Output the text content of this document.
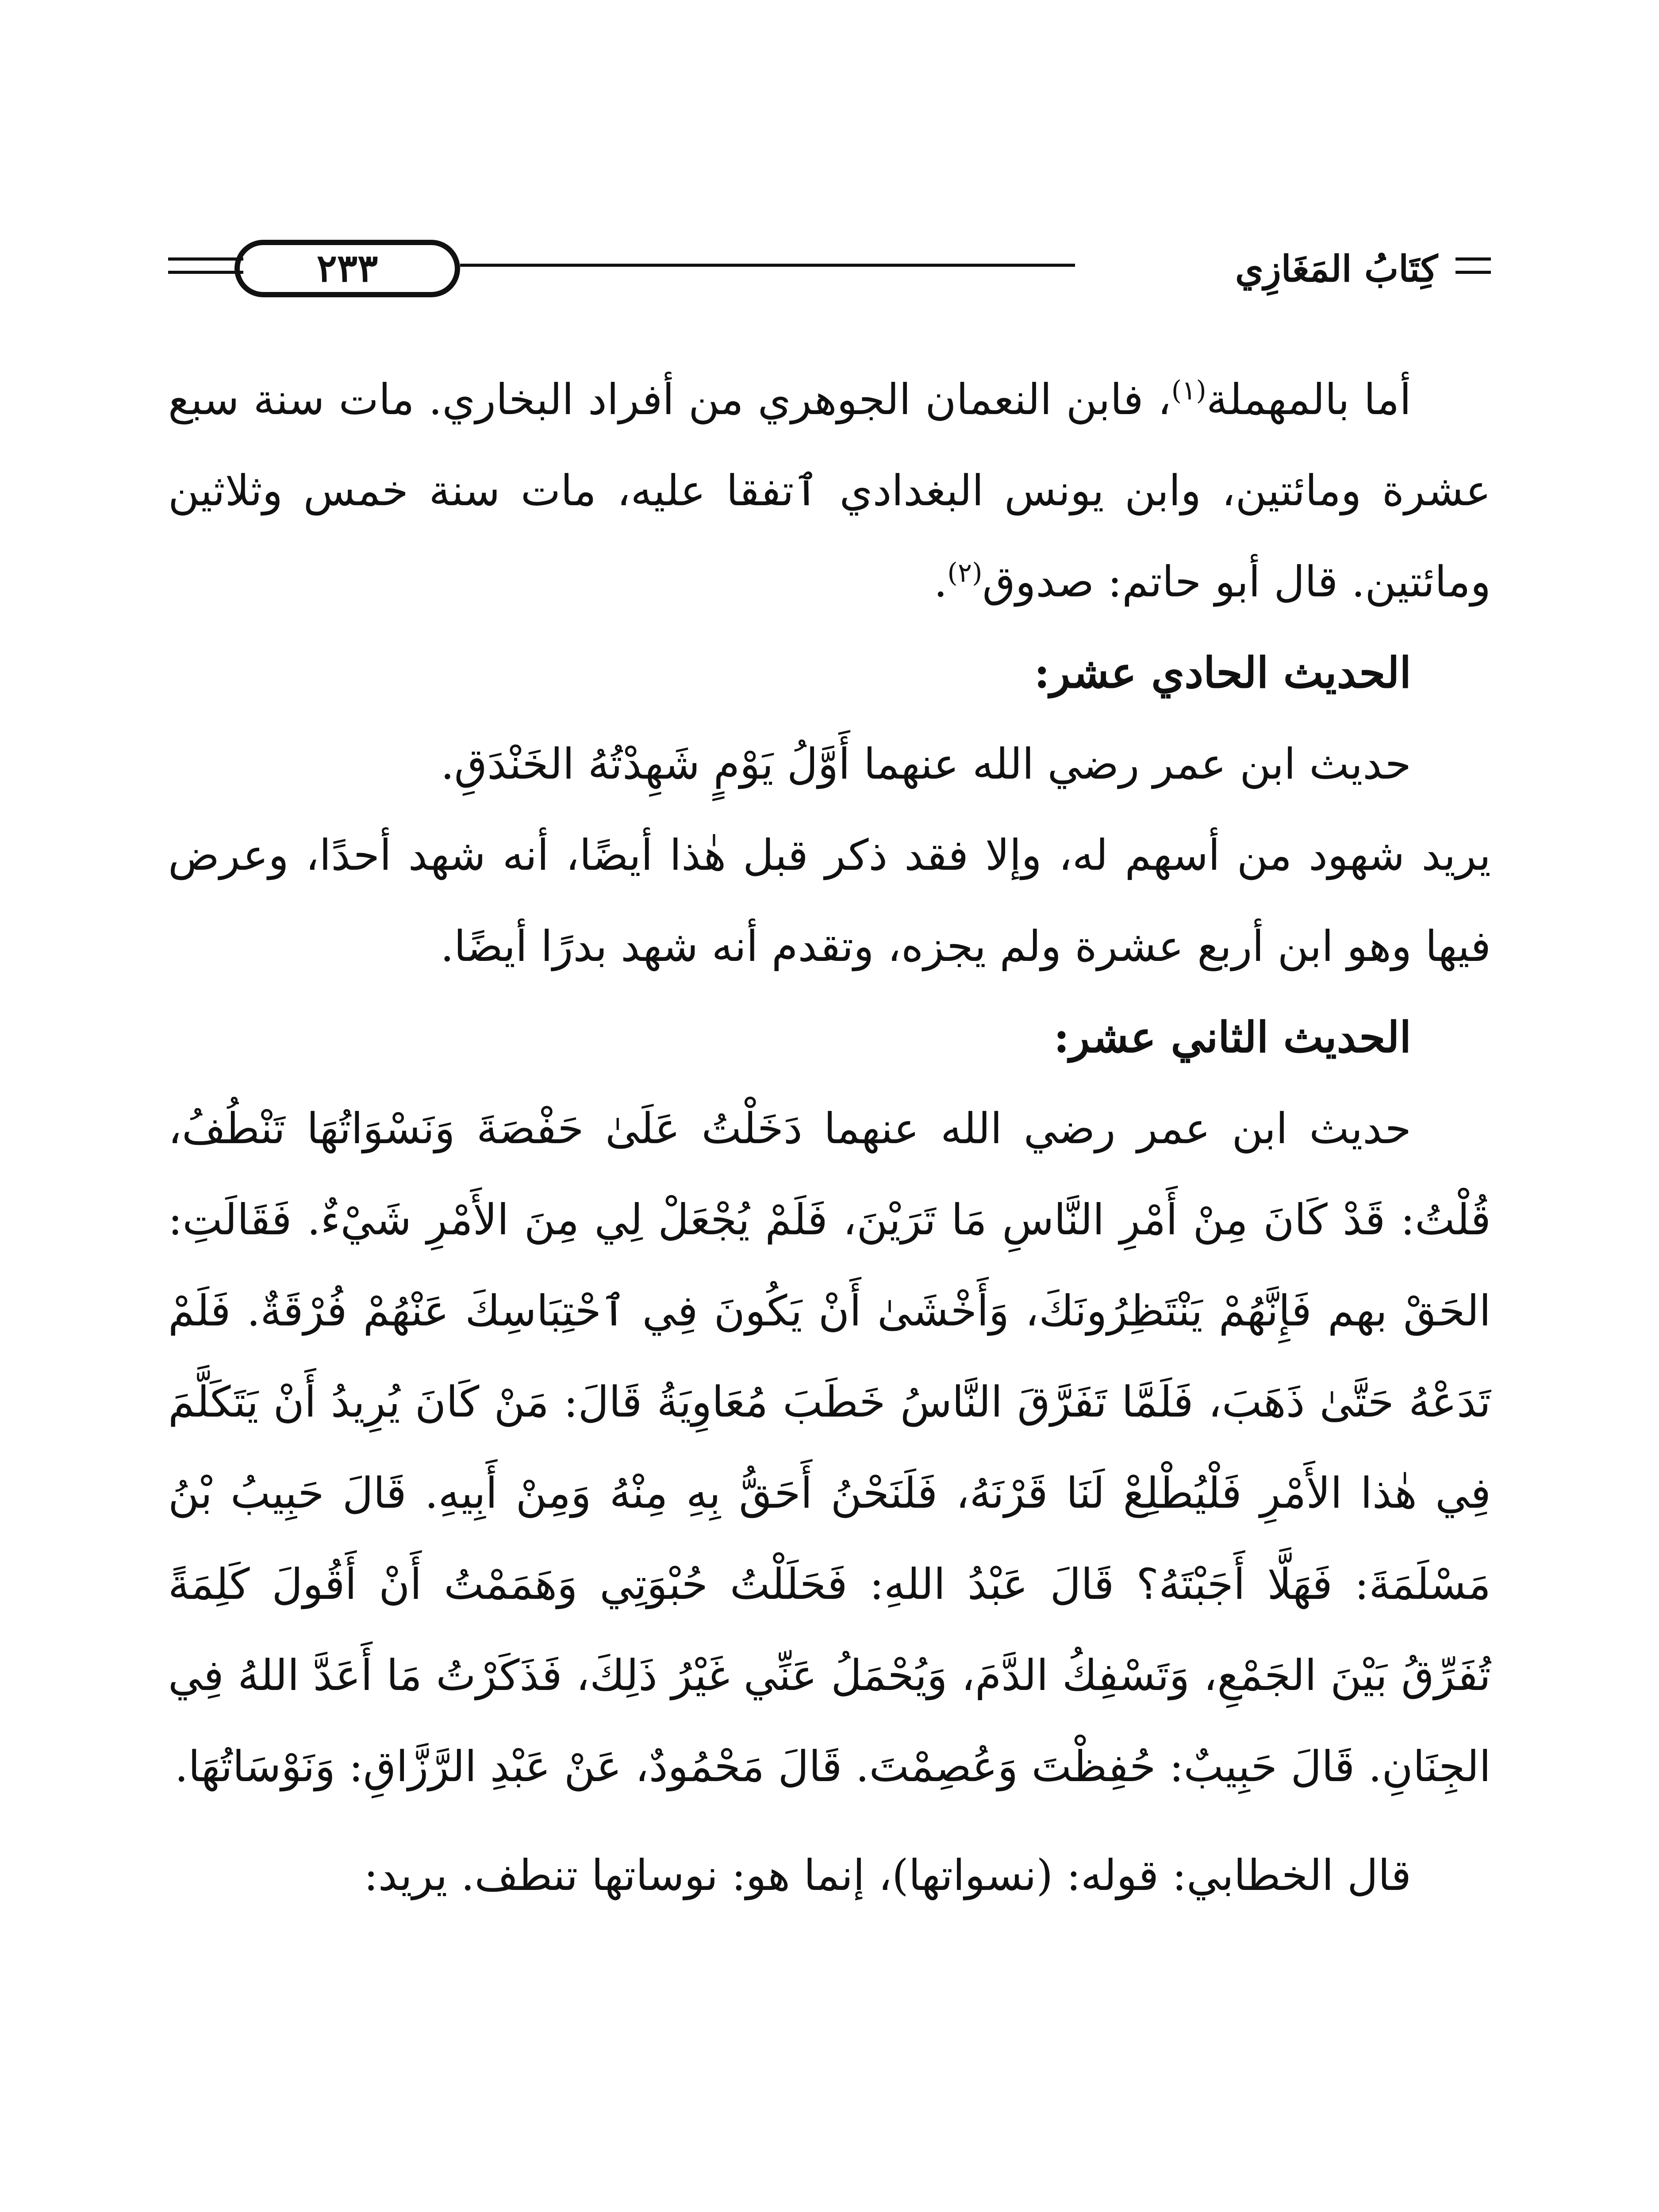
كِتَابُ المَغَازِي
٢٣٣

أما بالمهملة$^{(١)}$، فابن النعمان الجوهري من أفراد البخاري. مات سنة سبع عشرة ومائتين، وابن يونس البغدادي ٱتفقا عليه، مات سنة خمس وثلاثين ومائتين. قال أبو حاتم: صدوق$^{(٢)}$.

الحديث الحادي عشر:

حديث ابن عمر رضي الله عنهما أَوَّلُ يَوْمٍ شَهِدْتُهُ الخَنْدَقِ.

يريد شهود من أسهم له، وإلا فقد ذكر قبل هٰذا أيضًا، أنه شهد أحدًا، وعرض فيها وهو ابن أربع عشرة ولم يجزه، وتقدم أنه شهد بدرًا أيضًا.

الحديث الثاني عشر:

حديث ابن عمر رضي الله عنهما دَخَلْتُ عَلَىٰ حَفْصَةَ وَنَسْوَاتُهَا تَنْطُفُ، قُلْتُ: قَدْ كَانَ مِنْ أَمْرِ النَّاسِ مَا تَرَيْنَ، فَلَمْ يُجْعَلْ لِي مِنَ الأَمْرِ شَيْءٌ. فَقَالَتِ: الحَقْ بهم فَإِنَّهُمْ يَنْتَظِرُونَكَ، وَأَخْشَىٰ أَنْ يَكُونَ فِي ٱحْتِبَاسِكَ عَنْهُمْ فُرْقَةٌ. فَلَمْ تَدَعْهُ حَتَّىٰ ذَهَبَ، فَلَمَّا تَفَرَّقَ النَّاسُ خَطَبَ مُعَاوِيَةُ قَالَ: مَنْ كَانَ يُرِيدُ أَنْ يَتَكَلَّمَ فِي هٰذا الأَمْرِ فَلْيُطْلِعْ لَنَا قَرْنَهُ، فَلَنَحْنُ أَحَقُّ بِهِ مِنْهُ وَمِنْ أَبِيهِ. قَالَ حَبِيبُ بْنُ مَسْلَمَةَ: فَهَلَّا أَجَبْتَهُ؟ قَالَ عَبْدُ اللهِ: فَحَلَلْتُ حُبْوَتِي وَهَمَمْتُ أَنْ أَقُولَ كَلِمَةً تُفَرِّقُ بَيْنَ الجَمْعِ، وَتَسْفِكُ الدَّمَ، وَيُحْمَلُ عَنِّي غَيْرُ ذَلِكَ، فَذَكَرْتُ مَا أَعَدَّ اللهُ فِي الجِنَانِ. قَالَ حَبِيبٌ: حُفِظْتَ وَعُصِمْتَ. قَالَ مَحْمُودٌ، عَنْ عَبْدِ الرَّزَّاقِ: وَنَوْسَاتُهَا.

قال الخطابي: قوله: (نسواتها)، إنما هو: نوساتها تنطف. يريد:
